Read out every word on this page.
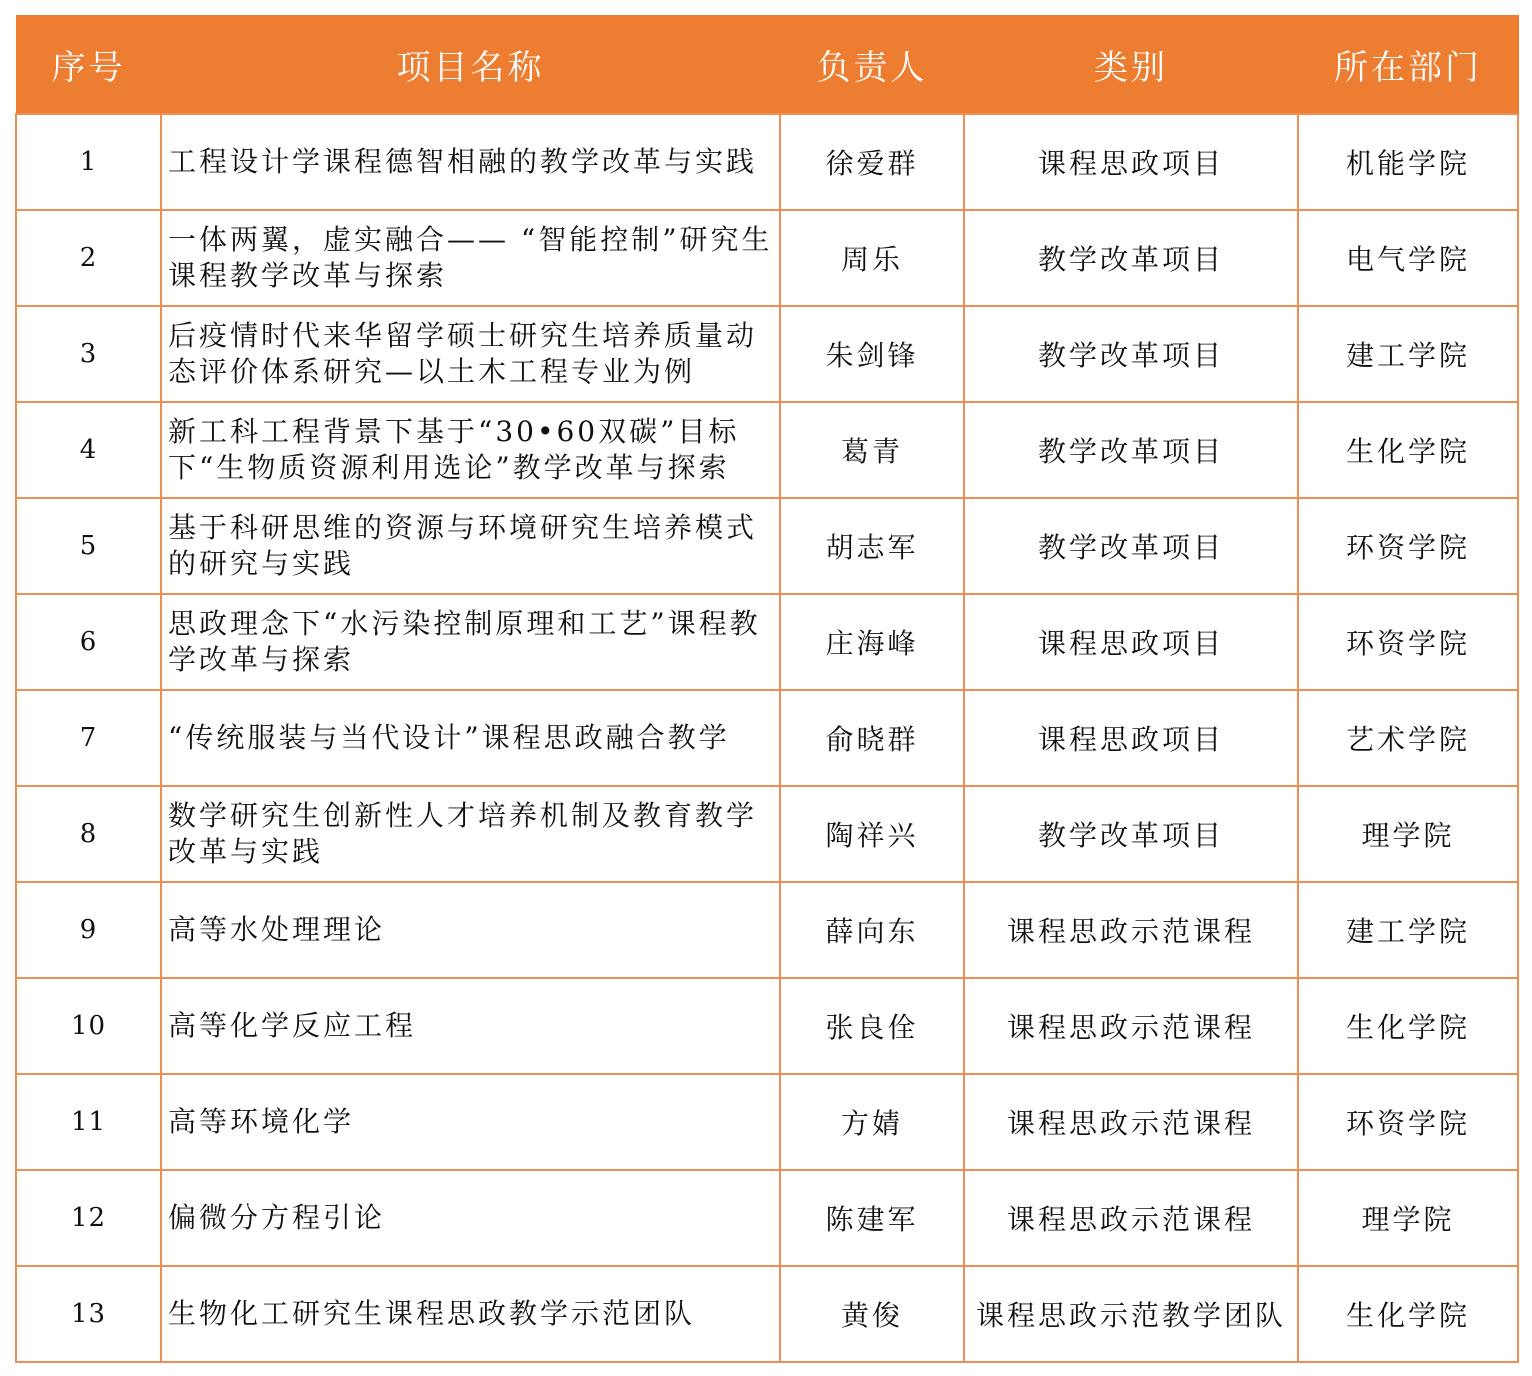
序号	项目名称	负责人	类别	所在部门
1	工程设计学课程德智相融的教学改革与实践	徐爱群	课程思政项目	机能学院
2	一体两翼，虚实融合—— “智能控制”研究生课程教学改革与探索	周乐	教学改革项目	电气学院
3	后疫情时代来华留学硕士研究生培养质量动态评价体系研究—以土木工程专业为例	朱剑锋	教学改革项目	建工学院
4	新工科工程背景下基于“30•60双碳”目标下“生物质资源利用选论”教学改革与探索	葛青	教学改革项目	生化学院
5	基于科研思维的资源与环境研究生培养模式的研究与实践	胡志军	教学改革项目	环资学院
6	思政理念下“水污染控制原理和工艺”课程教学改革与探索	庄海峰	课程思政项目	环资学院
7	“传统服装与当代设计”课程思政融合教学	俞晓群	课程思政项目	艺术学院
8	数学研究生创新性人才培养机制及教育教学改革与实践	陶祥兴	教学改革项目	理学院
9	高等水处理理论	薛向东	课程思政示范课程	建工学院
10	高等化学反应工程	张良佺	课程思政示范课程	生化学院
11	高等环境化学	方婧	课程思政示范课程	环资学院
12	偏微分方程引论	陈建军	课程思政示范课程	理学院
13	生物化工研究生课程思政教学示范团队	黄俊	课程思政示范教学团队	生化学院
